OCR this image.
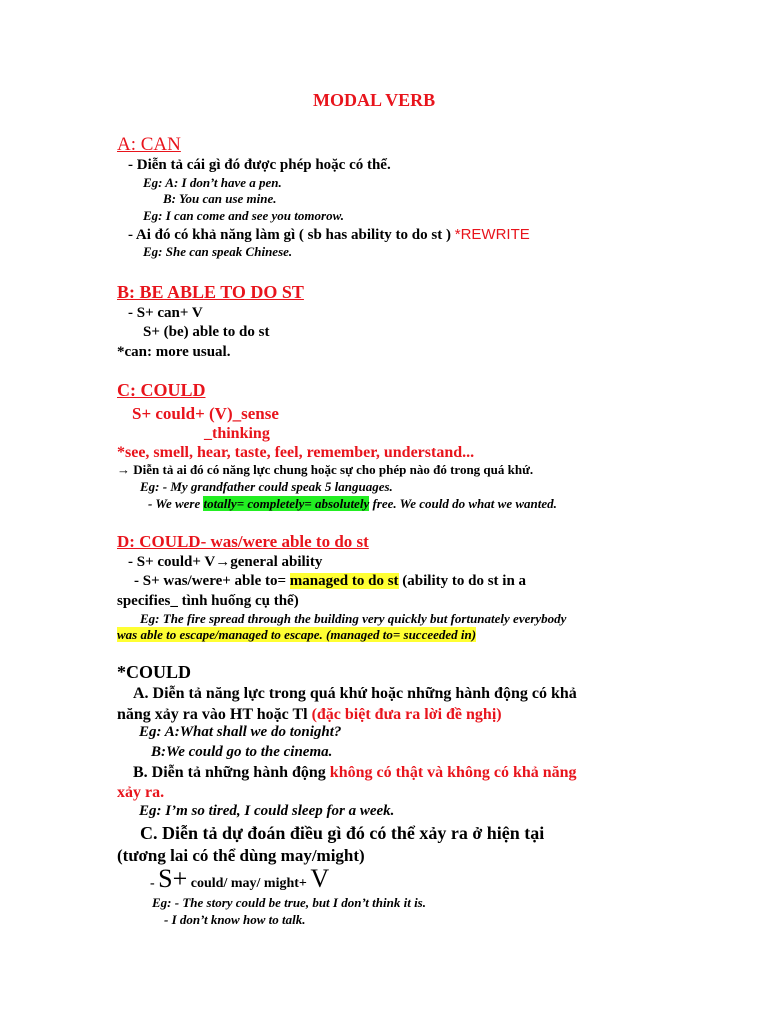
MODAL VERB
A: CAN
- Diễn tả cái gì đó được phép hoặc có thể.
Eg: A: I don’t have a pen.
B: You can use mine.
Eg: I can come and see you tomorow.
- Ai đó có khả năng làm gì ( sb has ability to do st ) *REWRITE
Eg: She can speak Chinese.
B: BE ABLE TO DO ST
- S+ can+ V
S+ (be) able to do st
*can: more usual.
C: COULD
S+ could+ (V)_sense
_thinking
*see, smell, hear, taste, feel, remember, understand...
→ Diễn tả ai đó có năng lực chung hoặc sự cho phép nào đó trong quá khứ.
Eg: - My grandfather could speak 5 languages.
- We were totally= completely= absolutely free. We could do what we wanted.
D: COULD- was/were able to do st
- S+ could+ V→general ability
- S+ was/were+ able to= managed to do st (ability to do st in a
specifies_ tình huống cụ thể)
Eg: The fire spread through the building very quickly but fortunately everybody
was able to escape/managed to escape. (managed to= succeeded in)
*COULD
A. Diễn tả năng lực trong quá khứ hoặc những hành động có khả
năng xảy ra vào HT hoặc Tl (đặc biệt đưa ra lời đề nghị)
Eg: A:What shall we do tonight?
B:We could go to the cinema.
B. Diễn tả những hành động không có thật và không có khả năng
xảy ra.
Eg: I’m so tired, I could sleep for a week.
C. Diễn tả dự đoán điều gì đó có thể xảy ra ở hiện tại
(tương lai có thể dùng may/might)
- S+ could/ may/ might+ V
Eg: - The story could be true, but I don’t think it is.
- I don’t know how to talk.
